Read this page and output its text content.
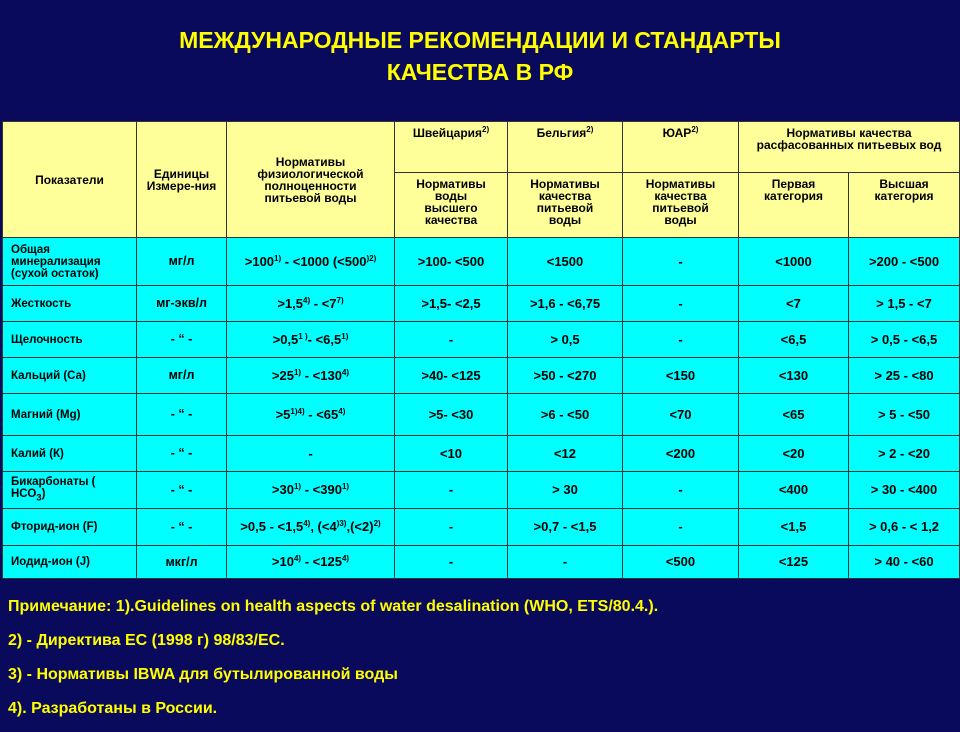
МЕЖДУНАРОДНЫЕ РЕКОМЕНДАЦИИ И СТАНДАРТЫ
КАЧЕСТВА В РФ
Показатели	Единицы Измере-ния	Нормативы физиологической полноценности питьевой воды	Швейцария$^{2)}$	Бельгия$^{2)}$	ЮАР$^{2)}$	Нормативы качества расфасованных питьевых вод	

			Нормативы воды высшего качества	Нормативы качества питьевой воды	Нормативы качества питьевой воды	Первая категория	Высшая категория

Общая минерализация (сухой остаток)	мг/л	$>100^{1)} - <1000$ ($<500^{)2)}$	>100- <500	<1500	-	<1000	>200 - <500
Жесткость	мг-экв/л	$>1,5^{4)} - <7^{7)}$	>1,5- <2,5	>1,6 - <6,75	-	<7	> 1,5 - <7
Щелочность	- “ -	$>0,5^{1 )}- <6,5^{1)}$	-	> 0,5	-	<6,5	> 0,5 - <6,5
Кальций (Са)	мг/л	$>25^{1)} - <130^{4)}$	>40- <125	>50 - <270	<150	<130	> 25 - <80
Магний (Mg)	- “ -	$>5^{1)4)} - <65^{4)}$	>5- <30	>6 - <50	<70	<65	> 5 - <50
Калий (К)	- “ -	-	<10	<12	<200	<20	> 2 - <20
Бикарбонаты ( $НСО_3$)	- “ -	$>30^{1)} - <390^{1)}$	-	> 30	-	<400	> 30 - <400
Фторид-ион (F)	- “ -	$>0,5 - <1,5^{4)}$, ($<4^{)3)},(<2)^{2)}$	-	>0,7 - <1,5	-	<1,5	> 0,6 - < 1,2
Иодид-ион (J)	мкг/л	$>10^{4)} - <125^{4)}$	-	-	<500	<125	> 40 - <60
Примечание: 1).Guidelines on health aspects of water desalination (WHO, ETS/80.4.).
2) - Директива ЕС (1998 г) 98/83/ЕС.
3) - Нормативы IBWA для бутылированной воды
4). Разработаны в России.
